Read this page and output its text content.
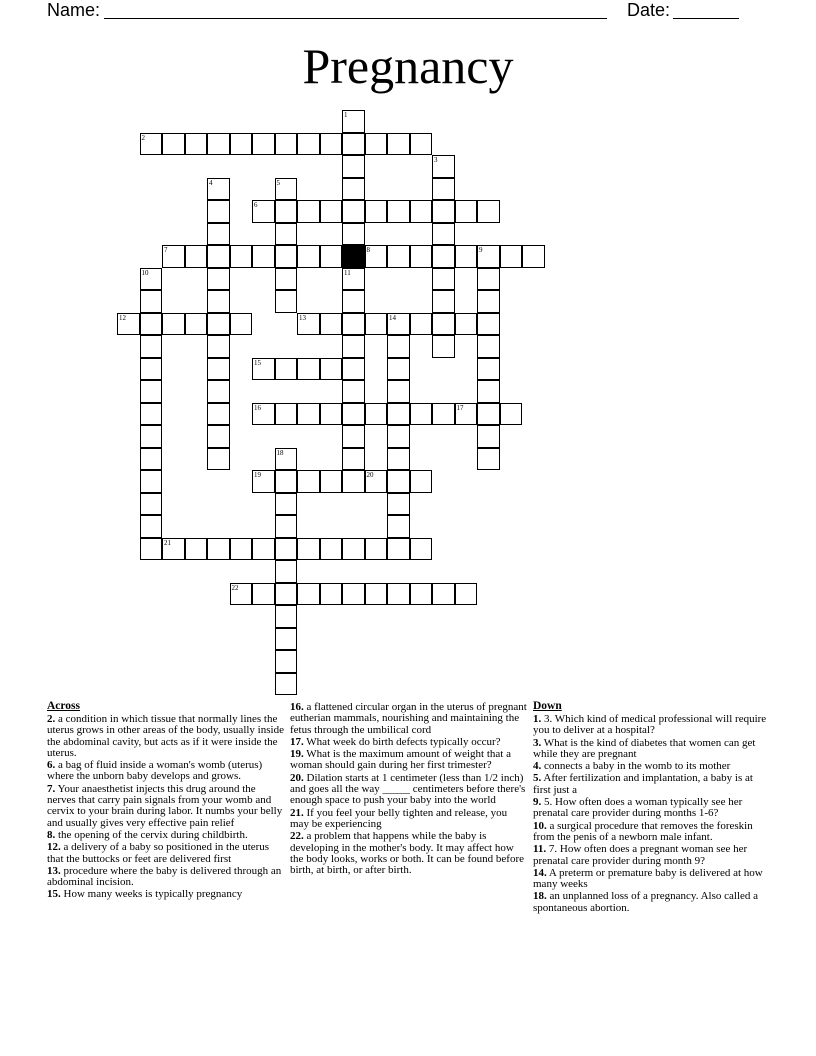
Name:	Date:
Pregnancy
1
2
3
4	5
6
7	8	9
10	11
12	13	14
15
16	17
18
19	20
21
22
Across
2. a condition in which tissue that normally lines the uterus grows in other areas of the body, usually inside the abdominal cavity, but acts as if it were inside the uterus.
6. a bag of fluid inside a woman's womb (uterus) where the unborn baby develops and grows.
7. Your anaesthetist injects this drug around the nerves that carry pain signals from your womb and cervix to your brain during labor. It numbs your belly and usually gives very effective pain relief
8. the opening of the cervix during childbirth.
12. a delivery of a baby so positioned in the uterus that the buttocks or feet are delivered first
13. procedure where the baby is delivered through an abdominal incision.
15. How many weeks is typically pregnancy
16. a flattened circular organ in the uterus of pregnant eutherian mammals, nourishing and maintaining the fetus through the umbilical cord
17. What week do birth defects typically occur?
19. What is the maximum amount of weight that a woman should gain during her first trimester?
20. Dilation starts at 1 centimeter (less than 1/2 inch) and goes all the way _____ centimeters before there's enough space to push your baby into the world
21. If you feel your belly tighten and release, you may be experiencing
22. a problem that happens while the baby is developing in the mother's body. It may affect how the body looks, works or both. It can be found before birth, at birth, or after birth.
Down
1. 3. Which kind of medical professional will require you to deliver at a hospital?
3. What is the kind of diabetes that women can get while they are pregnant
4. connects a baby in the womb to its mother
5. After fertilization and implantation, a baby is at first just a
9. 5. How often does a woman typically see her prenatal care provider during months 1-6?
10. a surgical procedure that removes the foreskin from the penis of a newborn male infant.
11. 7. How often does a pregnant woman see her prenatal care provider during month 9?
14. A preterm or premature baby is delivered at how many weeks
18. an unplanned loss of a pregnancy. Also called a spontaneous abortion.
